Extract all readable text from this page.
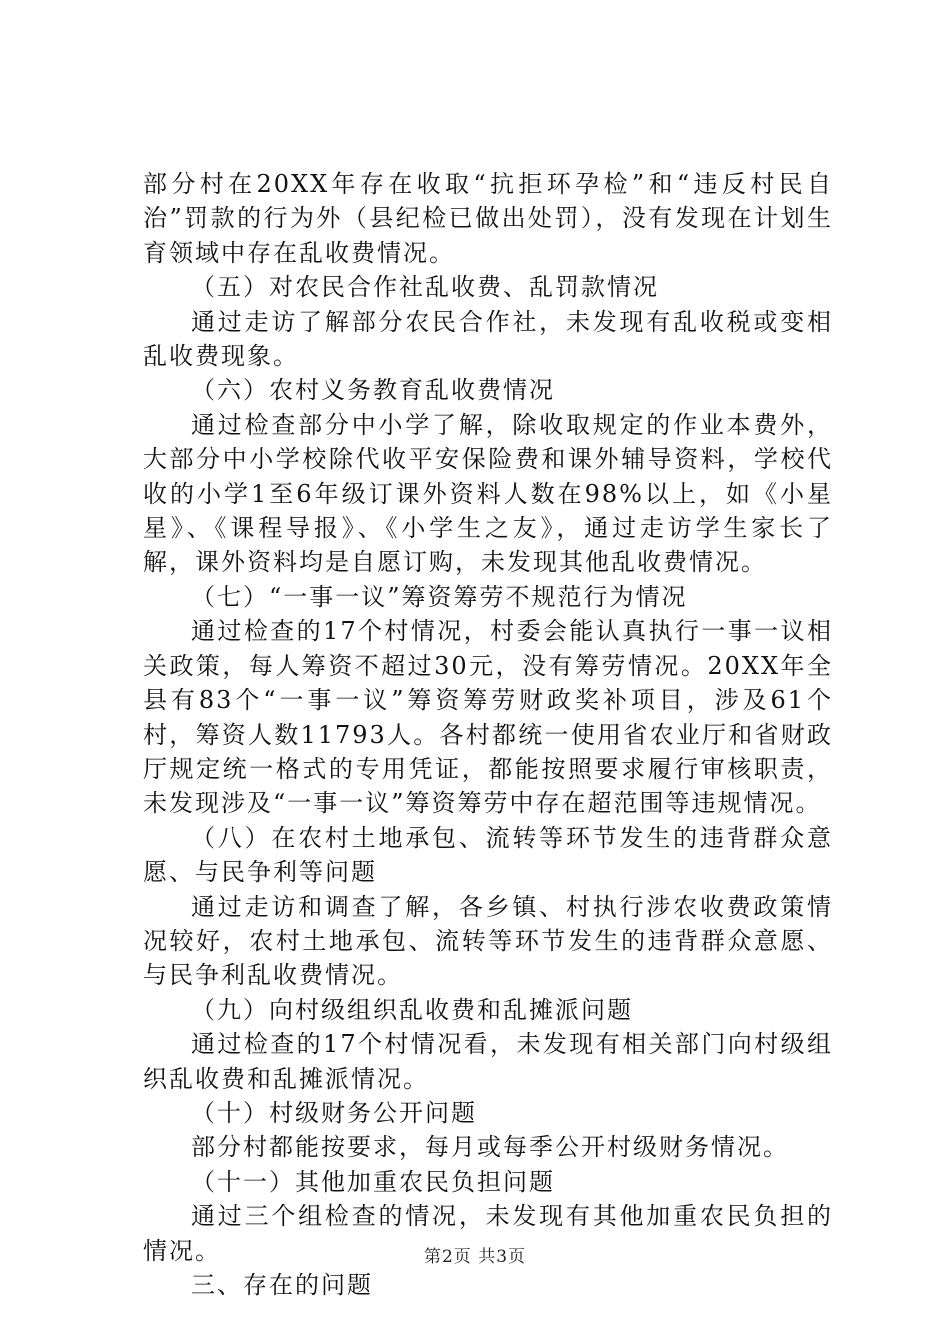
部分村在20XX年存在收取“抗拒环孕检”和“违反村民自治”罚款的行为外（县纪检已做出处罚），没有发现在计划生育领域中存在乱收费情况。

（五）对农民合作社乱收费、乱罚款情况

通过走访了解部分农民合作社，未发现有乱收税或变相乱收费现象。

（六）农村义务教育乱收费情况

通过检查部分中小学了解，除收取规定的作业本费外，大部分中小学校除代收平安保险费和课外辅导资料，学校代收的小学1至6年级订课外资料人数在98%以上，如《小星星》、《课程导报》、《小学生之友》，通过走访学生家长了解，课外资料均是自愿订购，未发现其他乱收费情况。

（七）“一事一议”筹资筹劳不规范行为情况

通过检查的17个村情况，村委会能认真执行一事一议相关政策，每人筹资不超过30元，没有筹劳情况。20XX年全县有83个“一事一议”筹资筹劳财政奖补项目，涉及61个村，筹资人数11793人。各村都统一使用省农业厅和省财政厅规定统一格式的专用凭证，都能按照要求履行审核职责，未发现涉及“一事一议”筹资筹劳中存在超范围等违规情况。

（八）在农村土地承包、流转等环节发生的违背群众意愿、与民争利等问题

通过走访和调查了解，各乡镇、村执行涉农收费政策情况较好，农村土地承包、流转等环节发生的违背群众意愿、与民争利乱收费情况。

（九）向村级组织乱收费和乱摊派问题

通过检查的17个村情况看，未发现有相关部门向村级组织乱收费和乱摊派情况。

（十）村级财务公开问题

部分村都能按要求，每月或每季公开村级财务情况。

（十一）其他加重农民负担问题

通过三个组检查的情况，未发现有其他加重农民负担的情况。

三、存在的问题

第2页 共3页
